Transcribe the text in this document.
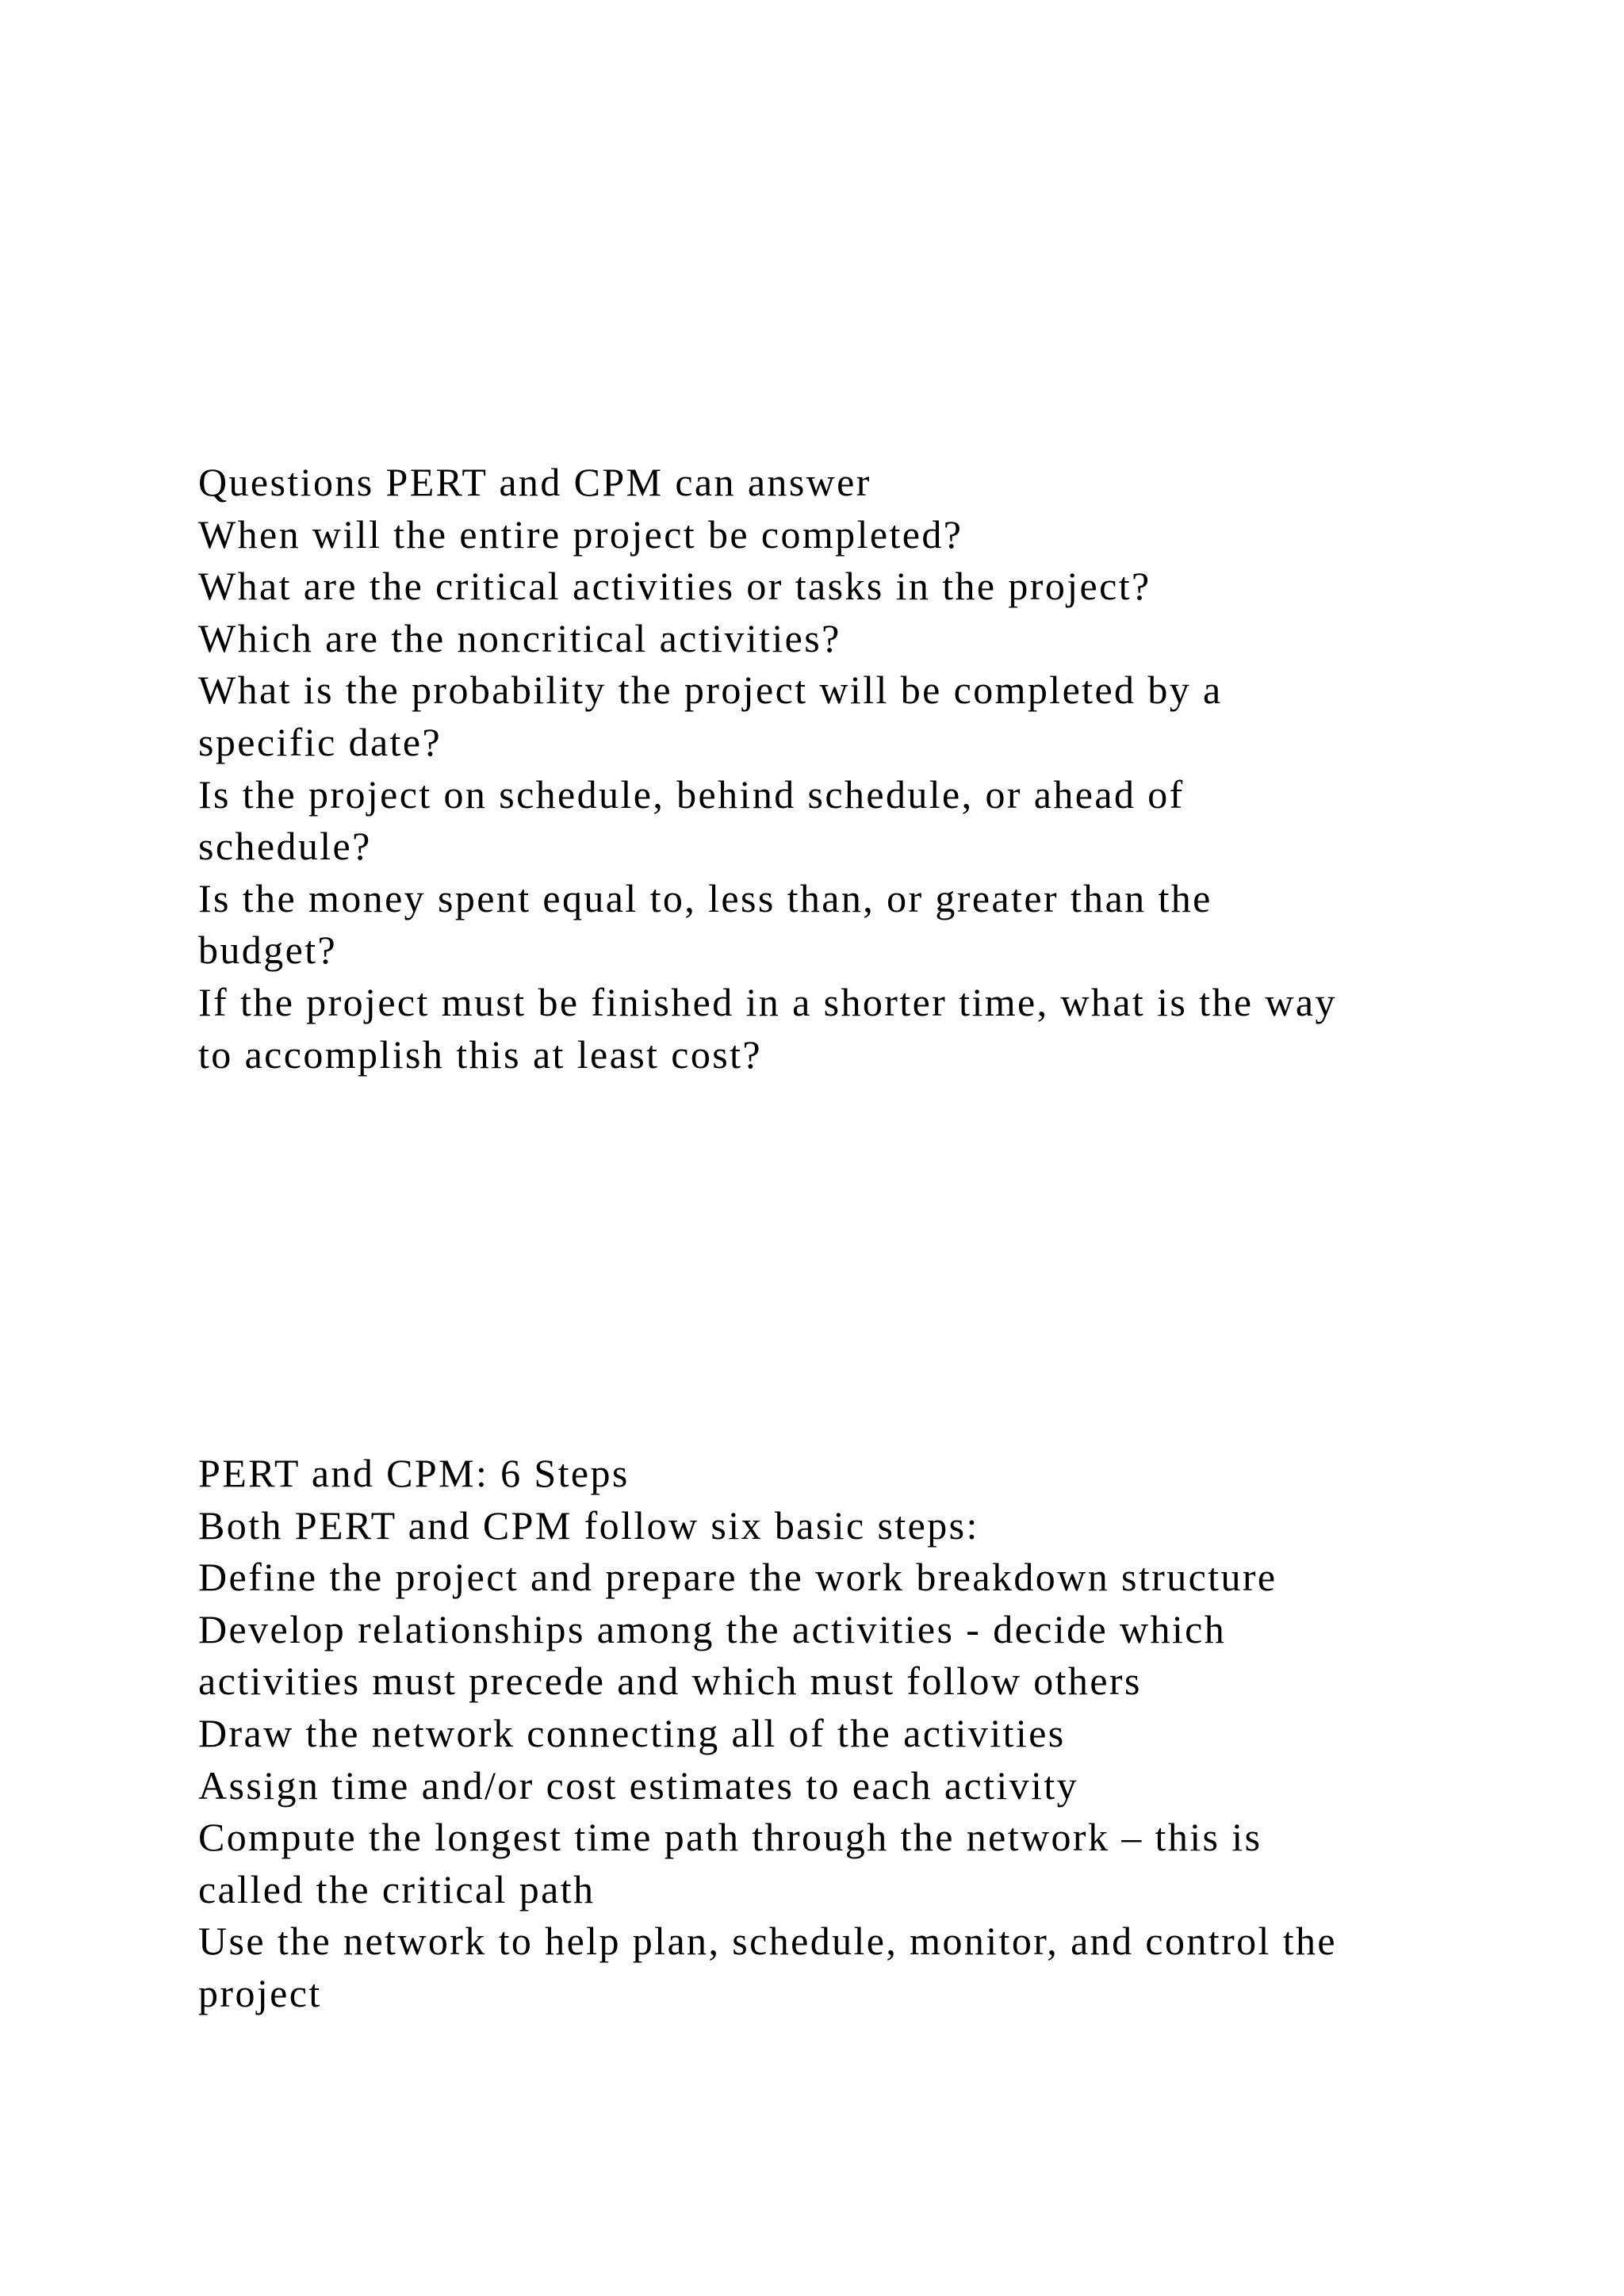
Questions PERT and CPM can answer

When will the entire project be completed?

What are the critical activities or tasks in the project?

Which are the noncritical activities?

What is the probability the project will be completed by a

specific date?

Is the project on schedule, behind schedule, or ahead of

schedule?

Is the money spent equal to, less than, or greater than the

budget?

If the project must be finished in a shorter time, what is the way

to accomplish this at least cost?

PERT and CPM: 6 Steps

Both PERT and CPM follow six basic steps:

Define the project and prepare the work breakdown structure

Develop relationships among the activities - decide which

activities must precede and which must follow others

Draw the network connecting all of the activities

Assign time and/or cost estimates to each activity

Compute the longest time path through the network – this is

called the critical path

Use the network to help plan, schedule, monitor, and control the

project
